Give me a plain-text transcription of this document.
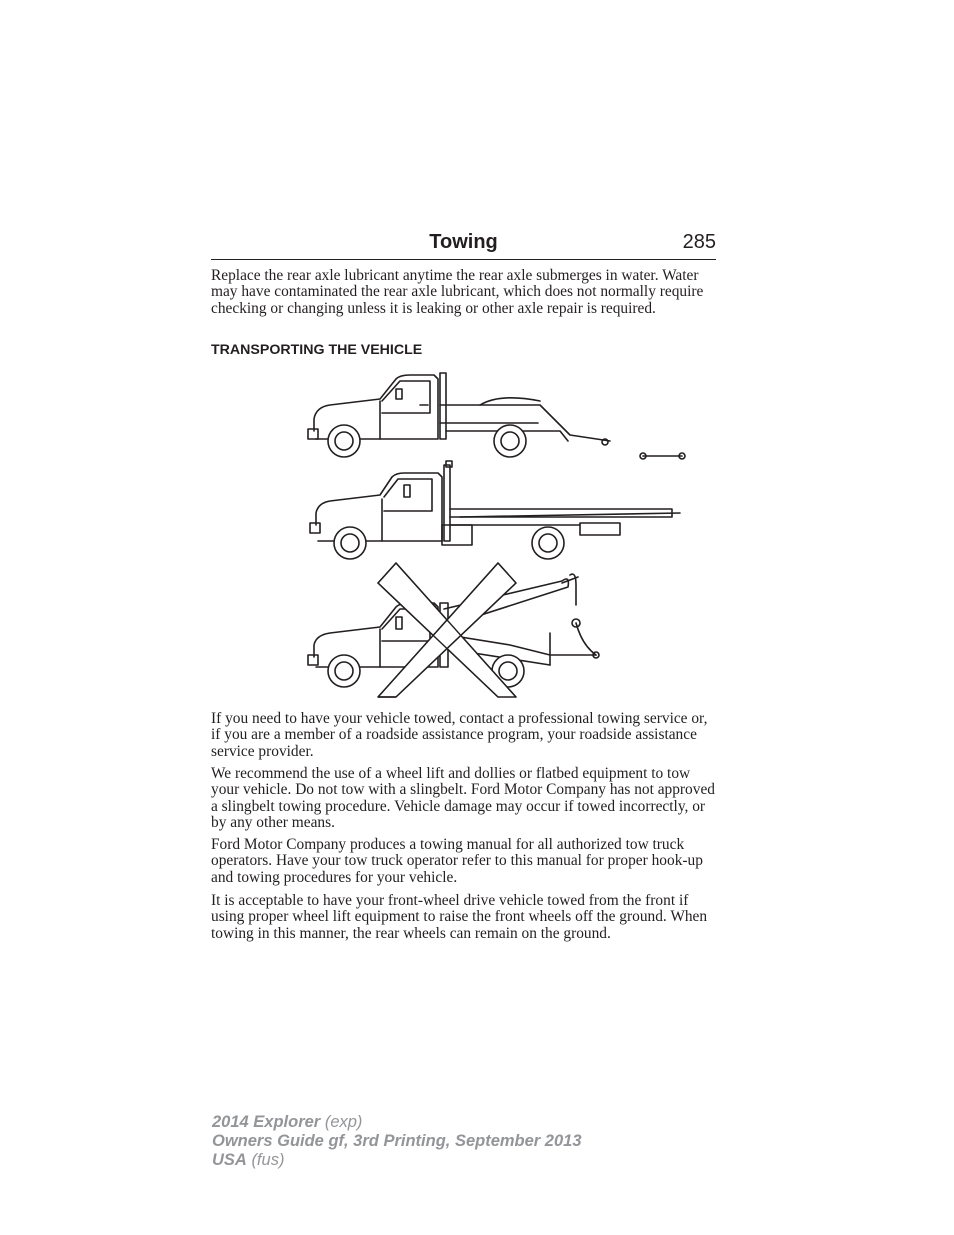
Towing	285

Replace the rear axle lubricant anytime the rear axle submerges in water. Water may have contaminated the rear axle lubricant, which does not normally require checking or changing unless it is leaking or other axle repair is required.

TRANSPORTING THE VEHICLE

If you need to have your vehicle towed, contact a professional towing service or, if you are a member of a roadside assistance program, your roadside assistance service provider.

We recommend the use of a wheel lift and dollies or flatbed equipment to tow your vehicle. Do not tow with a slingbelt. Ford Motor Company has not approved a slingbelt towing procedure. Vehicle damage may occur if towed incorrectly, or by any other means.

Ford Motor Company produces a towing manual for all authorized tow truck operators. Have your tow truck operator refer to this manual for proper hook-up and towing procedures for your vehicle.

It is acceptable to have your front-wheel drive vehicle towed from the front if using proper wheel lift equipment to raise the front wheels off the ground. When towing in this manner, the rear wheels can remain on the ground.

2014 Explorer (exp)
Owners Guide gf, 3rd Printing, September 2013
USA (fus)
